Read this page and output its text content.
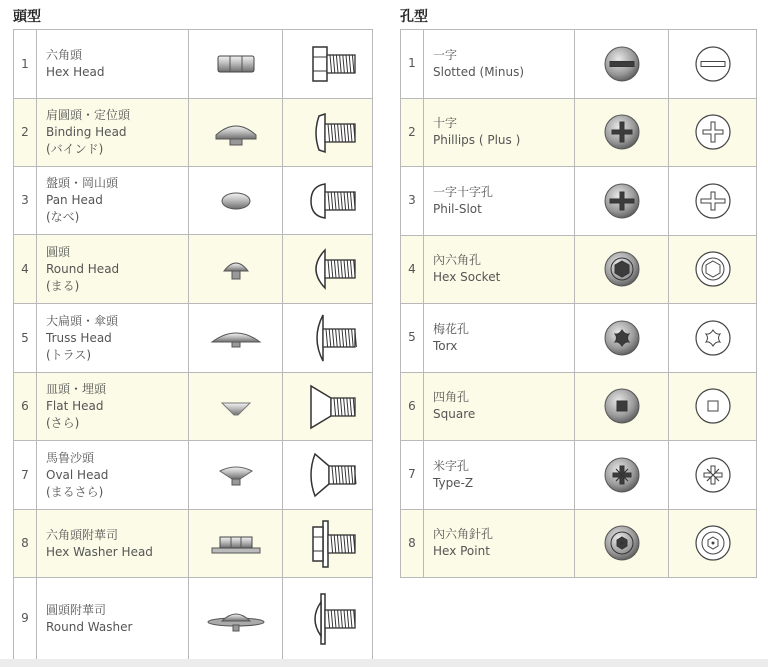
頭型	孔型
1	六角頭
Hex Head

2	肩圓頭・定位頭
Binding Head
(バインド)

3	盤頭・岡山頭
Pan Head
(なべ)

4	圓頭
Round Head
(まる)

5	大扁頭・傘頭
Truss Head
(トラス)

6	皿頭・埋頭
Flat Head
(さら)

7	馬鲁沙頭
Oval Head
(まるさら)

8	六角頭附華司
Hex Washer Head

9	圓頭附華司
Round Washer

1	一字
Slotted (Minus)

2	十字
Phillips ( Plus )

3	一字十字孔
Phil-Slot

4	內六角孔
Hex Socket

5	梅花孔
Torx

6	四角孔
Square

7	米字孔
Type-Z

8	內六角針孔
Hex Point
